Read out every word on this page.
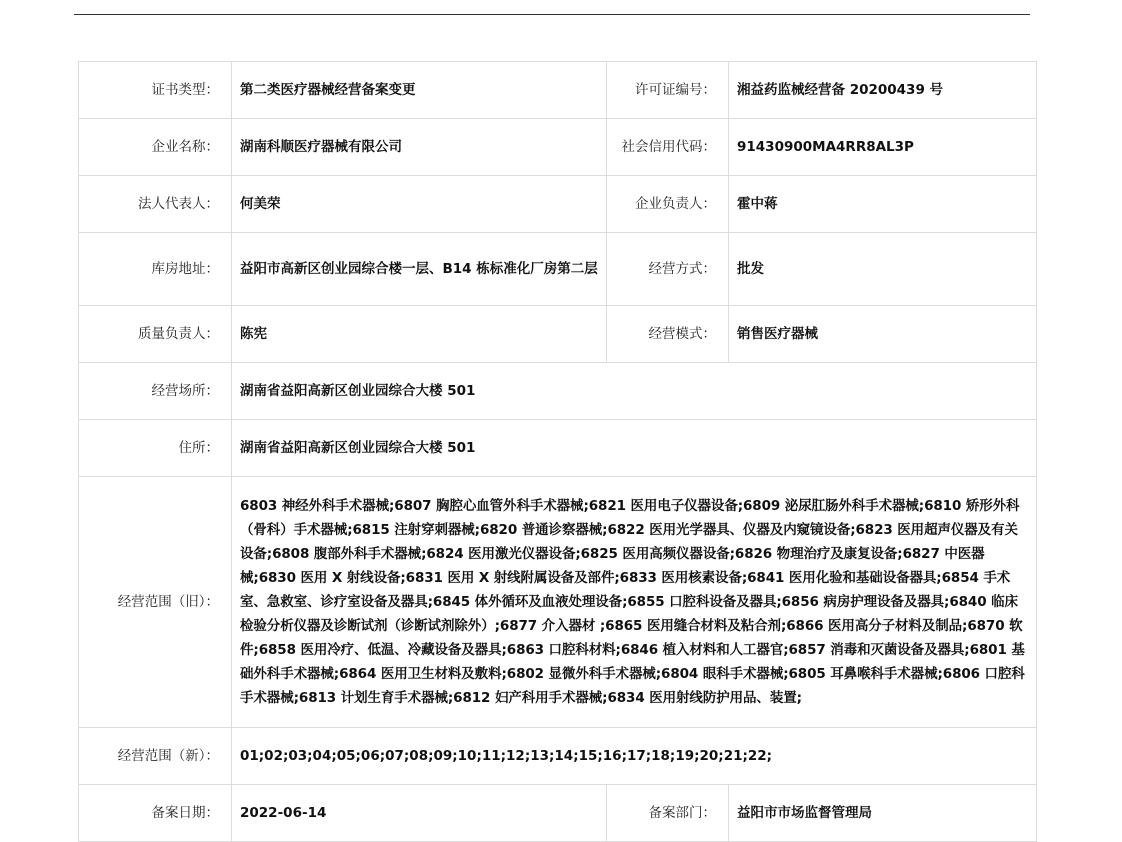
证书类型：	第二类医疗器械经营备案变更	许可证编号：	湘益药监械经营备 20200439 号
企业名称：	湖南科顺医疗器械有限公司	社会信用代码：	91430900MA4RR8AL3P
法人代表人：	何美荣	企业负责人：	霍中蒋
库房地址：	益阳市高新区创业园综合楼一层、B14 栋标准化厂房第二层	经营方式：	批发
质量负责人：	陈宪	经营模式：	销售医疗器械
经营场所：	湖南省益阳高新区创业园综合大楼 501		
住所：	湖南省益阳高新区创业园综合大楼 501		
经营范围（旧）：	6803 神经外科手术器械;6807 胸腔心血管外科手术器械;6821 医用电子仪器设备;6809 泌尿肛肠外科手术器械;6810 矫形外科（骨科）手术器械;6815 注射穿刺器械;6820 普通诊察器械;6822 医用光学器具、仪器及内窥镜设备;6823 医用超声仪器及有关设备;6808 腹部外科手术器械;6824 医用激光仪器设备;6825 医用高频仪器设备;6826 物理治疗及康复设备;6827 中医器械;6830 医用 X 射线设备;6831 医用 X 射线附属设备及部件;6833 医用核素设备;6841 医用化验和基础设备器具;6854 手术室、急救室、诊疗室设备及器具;6845 体外循环及血液处理设备;6855 口腔科设备及器具;6856 病房护理设备及器具;6840 临床检验分析仪器及诊断试剂（诊断试剂除外）;6877 介入器材 ;6865 医用缝合材料及粘合剂;6866 医用高分子材料及制品;6870 软件;6858 医用冷疗、低温、冷藏设备及器具;6863 口腔科材料;6846 植入材料和人工器官;6857 消毒和灭菌设备及器具;6801 基础外科手术器械;6864 医用卫生材料及敷料;6802 显微外科手术器械;6804 眼科手术器械;6805 耳鼻喉科手术器械;6806 口腔科手术器械;6813 计划生育手术器械;6812 妇产科用手术器械;6834 医用射线防护用品、装置;		
经营范围（新）：	01;02;03;04;05;06;07;08;09;10;11;12;13;14;15;16;17;18;19;20;21;22;		
备案日期：	2022-06-14	备案部门：	益阳市市场监督管理局
